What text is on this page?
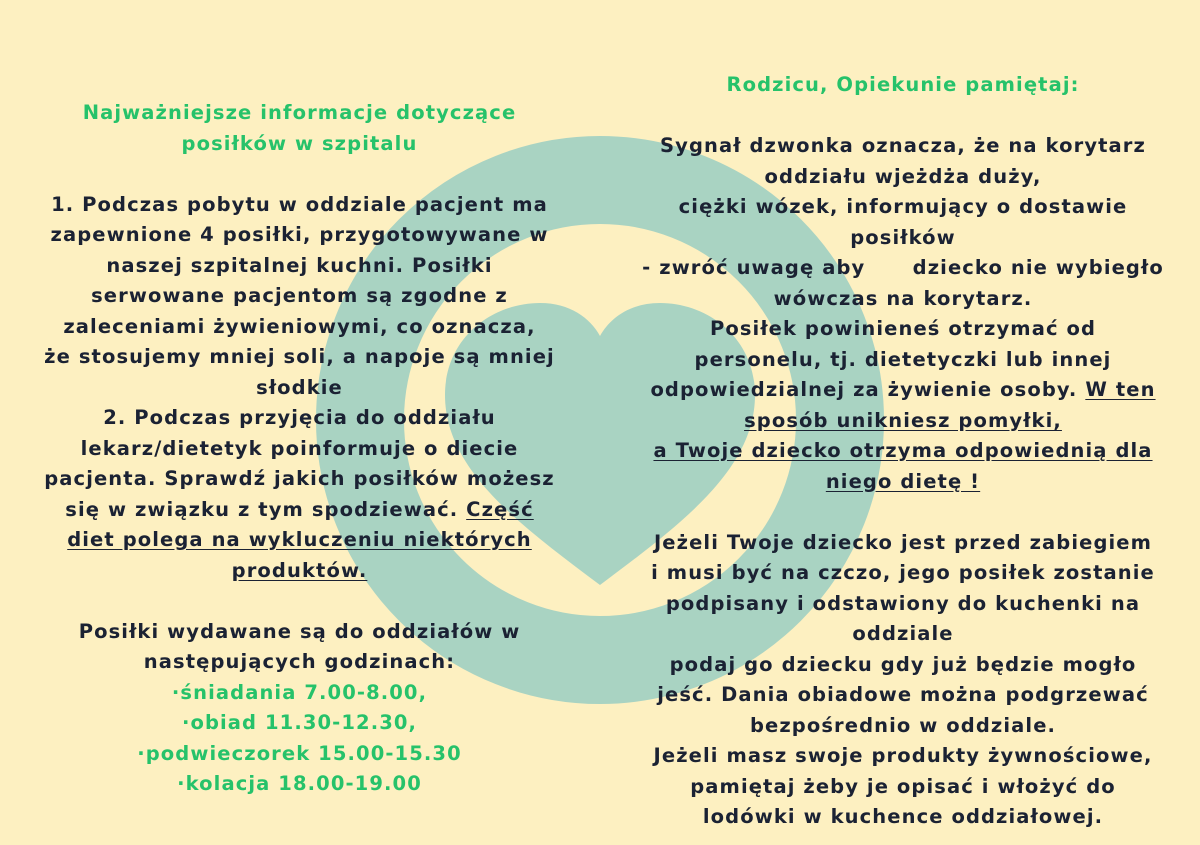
Najważniejsze informacje dotyczące
posiłków w szpitalu
1. Podczas pobytu w oddziale pacjent ma
zapewnione 4 posiłki, przygotowywane w
naszej szpitalnej kuchni. Posiłki
serwowane pacjentom są zgodne z
zaleceniami żywieniowymi, co oznacza,
że stosujemy mniej soli, a napoje są mniej
słodkie
2. Podczas przyjęcia do oddziału
lekarz/dietetyk poinformuje o diecie
pacjenta. Sprawdź jakich posiłków możesz
się w związku z tym spodziewać. Część
diet polega na wykluczeniu niektórych
produktów.
Posiłki wydawane są do oddziałów w
następujących godzinach:
·śniadania 7.00-8.00,
·obiad 11.30-12.30,
·podwieczorek 15.00-15.30
·kolacja 18.00-19.00
Rodzicu, Opiekunie pamiętaj:
Sygnał dzwonka oznacza, że na korytarz
oddziału wjeżdża duży,
ciężki wózek, informujący o dostawie
posiłków
- zwróć uwagę aby      dziecko nie wybiegło
wówczas na korytarz.
Posiłek powinieneś otrzymać od
personelu, tj. dietetyczki lub innej
odpowiedzialnej za żywienie osoby. W ten
sposób unikniesz pomyłki,
a Twoje dziecko otrzyma odpowiednią dla
niego dietę !
Jeżeli Twoje dziecko jest przed zabiegiem
i musi być na czczo, jego posiłek zostanie
podpisany i odstawiony do kuchenki na
oddziale
podaj go dziecku gdy już będzie mogło
jeść. Dania obiadowe można podgrzewać
bezpośrednio w oddziale.
Jeżeli masz swoje produkty żywnościowe,
pamiętaj żeby je opisać i włożyć do
lodówki w kuchence oddziałowej.
